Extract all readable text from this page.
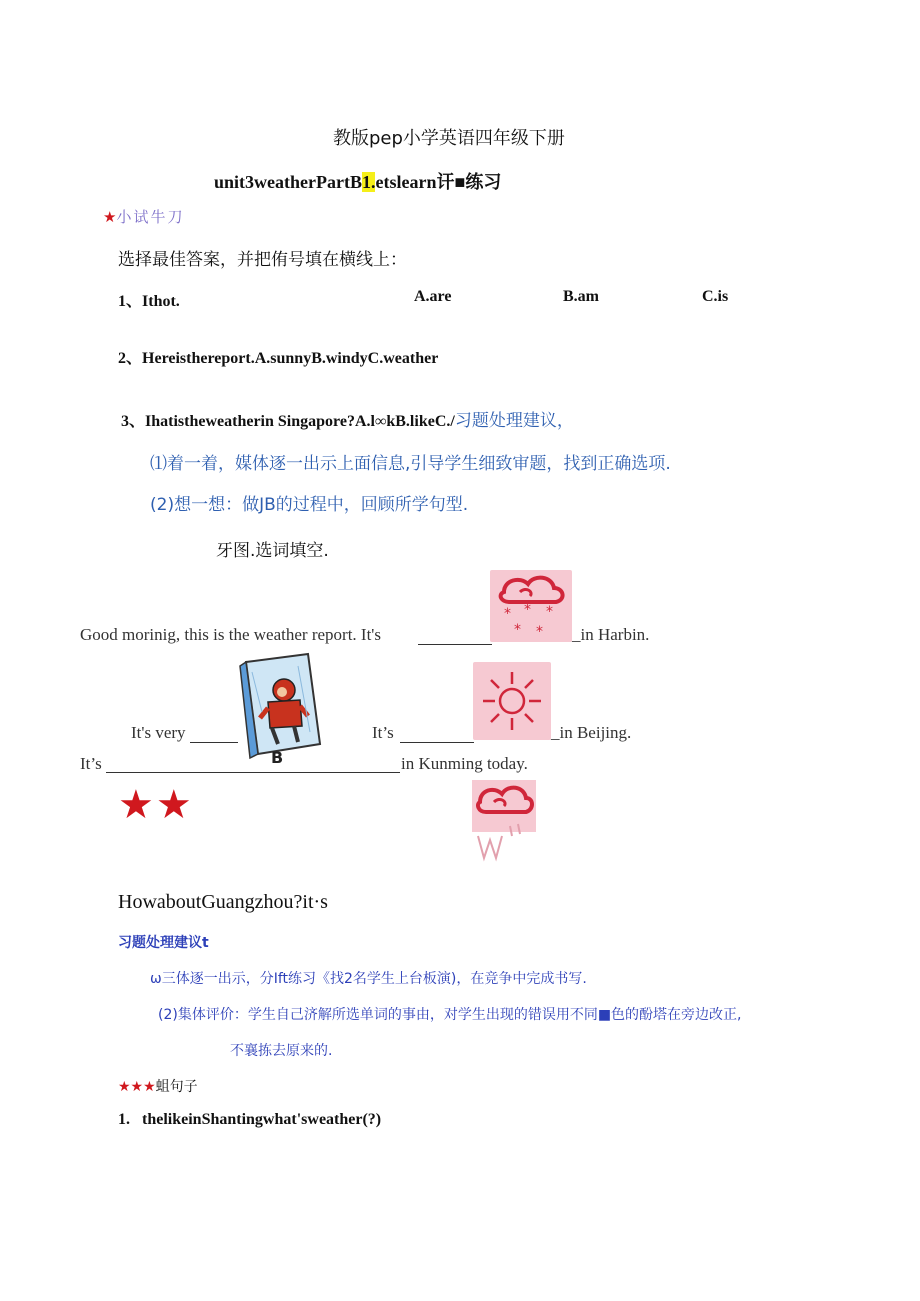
教版pep小学英语四年级下册
unit3weatherPartB1.etslearn讦■练习
★小试牛刀
选择最佳答案，并把侑号填在横线上：
1、Ithot.	A.are	B.am	C.is
2、Hereisthereport.A.sunnyB.windyC.weather
3、Ihatistheweatherin Singapore?A.l∞kB.likeC./习题处理建议，
⑴着一着，媒体逐一出示上面信息,引导学生细致审题，找到正确选项.
(2)想一想：做JB的过程中，回顾所学句型.
牙图.选词填空.
* * *
* *
Good morinig, this is the weather report. It's	_in Harbin.
B
It's very	It’s	_in Beijing.
It’s	in Kunming today.
★★
HowaboutGuangzhou?it·s
习题处理建议t
ω三体逐一出示，分Ift练习《找2名学生上台板演)，在竞争中完成书写.
(2)集体评价：学生自己济解所选单词的事由，对学生出现的错误用不同■色的酚塔在旁边改正,
不襄拣去原来的.
★★★蛆句子
1. thelikeinShantingwhat'sweather(?)
